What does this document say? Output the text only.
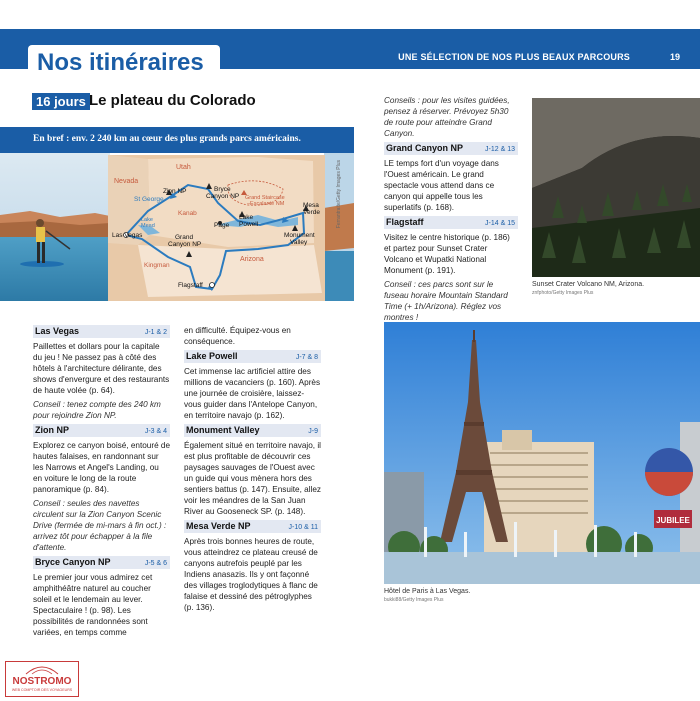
Nos itinéraires	UNE SÉLECTION DE NOS PLUS BEAUX PARCOURS	19
16 jours Le plateau du Colorado
En bref : env. 2 240 km au cœur des plus grands parcs américains.
Ferrantraite/Getty Images Plus
Utah
Nevada
Arizona
Zion NP	Bryce Canyon NP
St George	Grand Staircase –Escalante NM
Kanab
Lake Mead	Page
Lake Powell
Mesa Verde
Monument Valley
Las Vegas	Grand Canyon NP
Kingman
Flagstaff
Las Vegas	J-1 & 2

Paillettes et dollars pour la capitale du jeu ! Ne passez pas à côté des hôtels à l'architecture délirante, des shows d'envergure et des restaurants de haute volée (p. 64).

Conseil : tenez compte des 240 km pour rejoindre Zion NP.

Zion NP	J-3 & 4

Explorez ce canyon boisé, entouré de hautes falaises, en randonnant sur les Narrows et Angel's Landing, ou en voiture le long de la route panoramique (p. 84).

Conseil : seules des navettes circulent sur la Zion Canyon Scenic Drive (fermée de mi-mars à fin oct.) : arrivez tôt pour échapper à la file d'attente.

Bryce Canyon NP	J-5 & 6

Le premier jour vous admirez cet amphithéâtre naturel au coucher soleil et le lendemain au lever. Spectaculaire ! (p. 98). Les possibilités de randonnées sont variées, en temps comme

en difficulté. Équipez-vous en conséquence.

Lake Powell	J-7 & 8

Cet immense lac artificiel attire des millions de vacanciers (p. 160). Après une journée de croisière, laissez-vous guider dans l'Antelope Canyon, en territoire navajo (p. 162).

Monument Valley	J-9

Également situé en territoire navajo, il est plus profitable de découvrir ces paysages sauvages de l'Ouest avec un guide qui vous mènera hors des sentiers battus (p. 147). Ensuite, allez voir les méandres de la San Juan River au Gooseneck SP. (p. 148).

Mesa Verde NP	J-10 & 11

Après trois bonnes heures de route, vous atteindrez ce plateau creusé de canyons autrefois peuplé par les Indiens anasazis. Ils y ont façonné des villages troglodytiques à flanc de falaise et dessiné des pétroglyphes (p. 136).

Conseils : pour les visites guidées, pensez à réserver. Prévoyez 5h30 de route pour atteindre Grand Canyon.

Grand Canyon NP	J-12 & 13

LE temps fort d'un voyage dans l'Ouest américain. Le grand spectacle vous attend dans ce canyon qui appelle tous les superlatifs (p. 168).

Flagstaff	J-14 & 15

Visitez le centre historique (p. 186) et partez pour Sunset Crater Volcano et Wupatki National Monument (p. 191).

Conseil : ces parcs sont sur le fuseau horaire Mountain Standard Time (+ 1h/Arizona). Réglez vos montres !

Sunset Crater Volcano NM, Arizona.
znfphoto/Getty Images Plus
JUBILEE
Hôtel de Paris à Las Vegas.
bukki88/Getty Images Plus
NOSTROMO
WEB COMPTOIR DES VOYAGEURS
